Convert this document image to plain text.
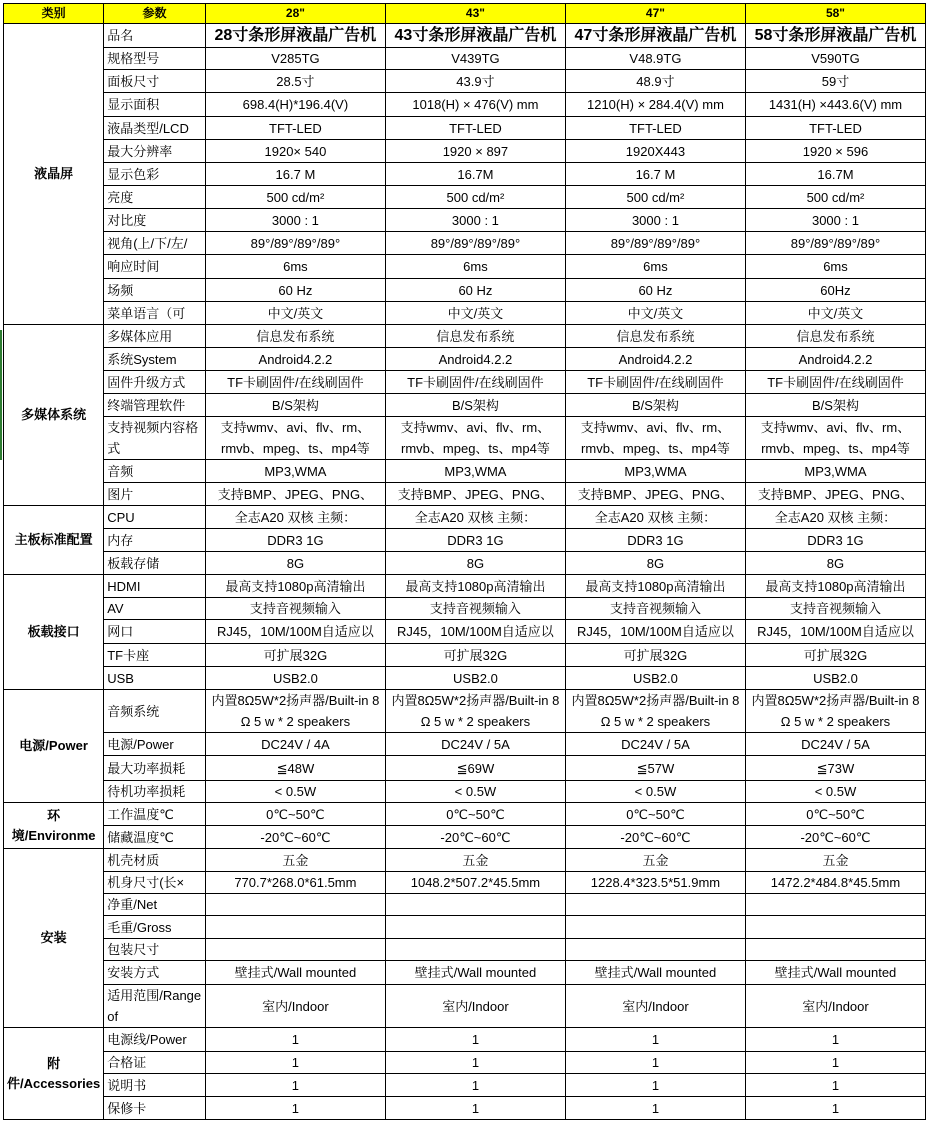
类别	参数	28"	43"	47"	58"
液晶屏	品名	28寸条形屏液晶广告机	43寸条形屏液晶广告机	47寸条形屏液晶广告机	58寸条形屏液晶广告机
	规格型号	V285TG	V439TG	V48.9TG	V590TG
	面板尺寸	28.5寸	43.9寸	48.9寸	59寸
	显示面积	698.4(H)*196.4(V)	1018(H) × 476(V) mm	1210(H) × 284.4(V) mm	1431(H) ×443.6(V) mm
	液晶类型/LCD	TFT-LED	TFT-LED	TFT-LED	TFT-LED
	最大分辨率	1920× 540	1920 × 897	1920X443	1920 × 596
	显示色彩	16.7 M	16.7M	16.7 M	16.7M
	亮度	500 cd/m²	500 cd/m²	500 cd/m²	500 cd/m²
	对比度	3000 : 1	3000 : 1	3000 : 1	3000 : 1
	视角(上/下/左/	89°/89°/89°/89°	89°/89°/89°/89°	89°/89°/89°/89°	89°/89°/89°/89°
	响应时间	6ms	6ms	6ms	6ms
	场频	60 Hz	60 Hz	60 Hz	60Hz
	菜单语言（可	中文/英文	中文/英文	中文/英文	中文/英文
多媒体系统	多媒体应用	信息发布系统	信息发布系统	信息发布系统	信息发布系统
	系统System	Android4.2.2	Android4.2.2	Android4.2.2	Android4.2.2
	固件升级方式	TF卡刷固件/在线刷固件	TF卡刷固件/在线刷固件	TF卡刷固件/在线刷固件	TF卡刷固件/在线刷固件
	终端管理软件	B/S架构	B/S架构	B/S架构	B/S架构
	支持视频内容格式	支持wmv、avi、flv、rm、rmvb、mpeg、ts、mp4等	支持wmv、avi、flv、rm、rmvb、mpeg、ts、mp4等	支持wmv、avi、flv、rm、rmvb、mpeg、ts、mp4等	支持wmv、avi、flv、rm、rmvb、mpeg、ts、mp4等
	音频	MP3,WMA	MP3,WMA	MP3,WMA	MP3,WMA
	图片	支持BMP、JPEG、PNG、	支持BMP、JPEG、PNG、	支持BMP、JPEG、PNG、	支持BMP、JPEG、PNG、
主板标准配置	CPU	全志A20 双核 主频：	全志A20 双核 主频：	全志A20 双核 主频：	全志A20 双核 主频：
	内存	DDR3 1G	DDR3 1G	DDR3 1G	DDR3 1G
	板载存储	8G	8G	8G	8G
板载接口	HDMI	最高支持1080p高清输出	最高支持1080p高清输出	最高支持1080p高清输出	最高支持1080p高清输出
	AV	支持音视频输入	支持音视频输入	支持音视频输入	支持音视频输入
	网口	RJ45，10M/100M自适应以	RJ45，10M/100M自适应以	RJ45，10M/100M自适应以	RJ45，10M/100M自适应以
	TF卡座	可扩展32G	可扩展32G	可扩展32G	可扩展32G
	USB	USB2.0	USB2.0	USB2.0	USB2.0
电源/Power	音频系统	内置8Ω5W*2扬声器/Built-in 8 Ω 5 w * 2 speakers	内置8Ω5W*2扬声器/Built-in 8 Ω 5 w * 2 speakers	内置8Ω5W*2扬声器/Built-in 8 Ω 5 w * 2 speakers	内置8Ω5W*2扬声器/Built-in 8 Ω 5 w * 2 speakers
	电源/Power	DC24V / 4A	DC24V / 5A	DC24V / 5A	DC24V / 5A
	最大功率损耗	≦48W	≦69W	≦57W	≦73W
	待机功率损耗	< 0.5W	< 0.5W	< 0.5W	< 0.5W
环境/Environme	工作温度℃	0℃~50℃	0℃~50℃	0℃~50℃	0℃~50℃
	储藏温度℃	-20℃~60℃	-20℃~60℃	-20℃~60℃	-20℃~60℃
安装	机壳材质	五金	五金	五金	五金
	机身尺寸(长×	770.7*268.0*61.5mm	1048.2*507.2*45.5mm	1228.4*323.5*51.9mm	1472.2*484.8*45.5mm
	净重/Net				
	毛重/Gross				
	包装尺寸				
	安装方式	壁挂式/Wall mounted	壁挂式/Wall mounted	壁挂式/Wall mounted	壁挂式/Wall mounted
	适用范围/Range of	室内/Indoor	室内/Indoor	室内/Indoor	室内/Indoor
附件/Accessories	电源线/Power	1	1	1	1
	合格证	1	1	1	1
	说明书	1	1	1	1
	保修卡	1	1	1	1
